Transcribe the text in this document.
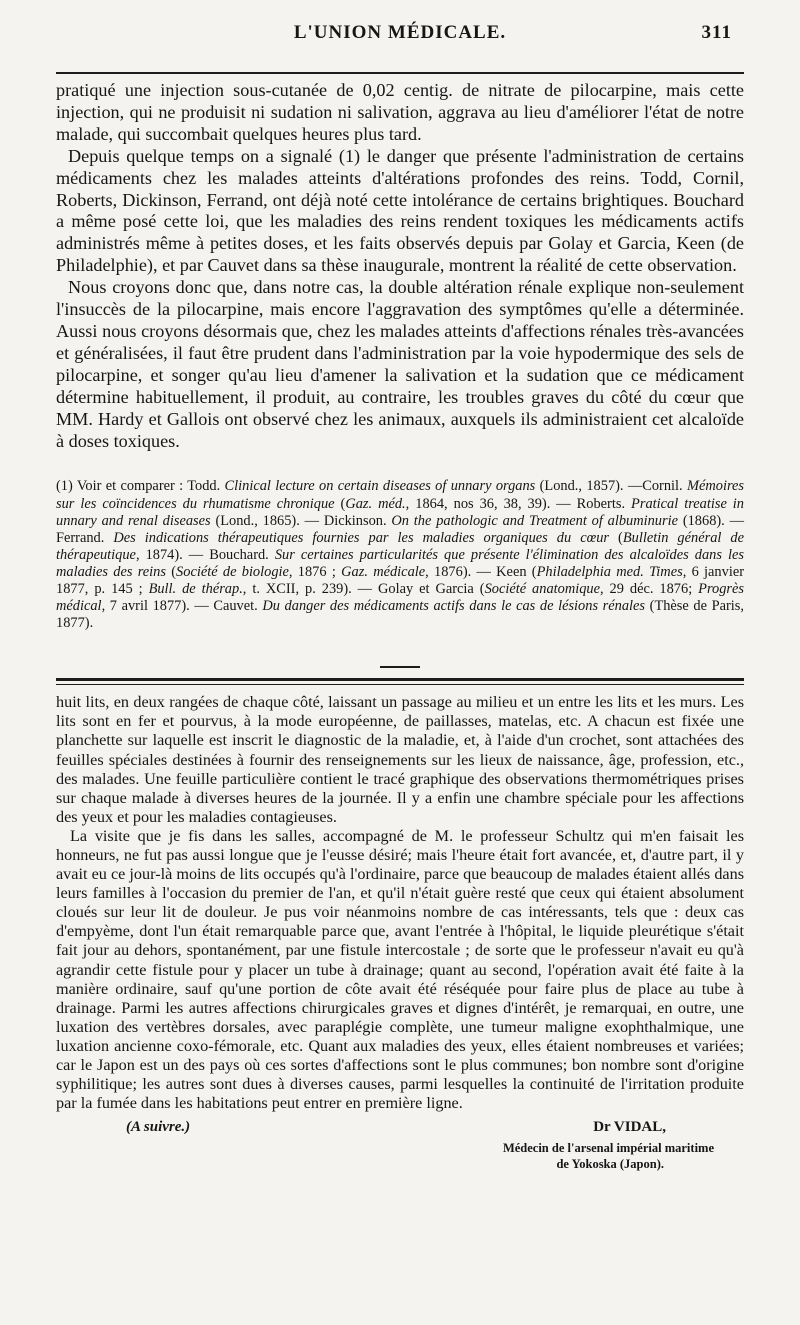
L'UNION MÉDICALE.	311

pratiqué une injection sous-cutanée de 0,02 centig. de nitrate de pilocarpine, mais cette injection, qui ne produisit ni sudation ni salivation, aggrava au lieu d'améliorer l'état de notre malade, qui succombait quelques heures plus tard.

Depuis quelque temps on a signalé (1) le danger que présente l'administration de certains médicaments chez les malades atteints d'altérations profondes des reins. Todd, Cornil, Roberts, Dickinson, Ferrand, ont déjà noté cette intolérance de certains brightiques. Bouchard a même posé cette loi, que les maladies des reins rendent toxiques les médicaments actifs administrés même à petites doses, et les faits observés depuis par Golay et Garcia, Keen (de Philadelphie), et par Cauvet dans sa thèse inaugurale, montrent la réalité de cette observation.

Nous croyons donc que, dans notre cas, la double altération rénale explique non-seulement l'insuccès de la pilocarpine, mais encore l'aggravation des symptômes qu'elle a déterminée. Aussi nous croyons désormais que, chez les malades atteints d'affections rénales très-avancées et généralisées, il faut être prudent dans l'administration par la voie hypodermique des sels de pilocarpine, et songer qu'au lieu d'amener la salivation et la sudation que ce médicament détermine habituellement, il produit, au contraire, les troubles graves du côté du cœur que MM. Hardy et Gallois ont observé chez les animaux, auxquels ils administraient cet alcaloïde à doses toxiques.

(1) Voir et comparer : Todd. Clinical lecture on certain diseases of unnary organs (Lond., 1857). —Cornil. Mémoires sur les coïncidences du rhumatisme chronique (Gaz. méd., 1864, nos 36, 38, 39). — Roberts. Pratical treatise in unnary and renal diseases (Lond., 1865). — Dickinson. On the pathologic and Treatment of albuminurie (1868). — Ferrand. Des indications thérapeutiques fournies par les maladies organiques du cœur (Bulletin général de thérapeutique, 1874). — Bouchard. Sur certaines particularités que présente l'élimination des alcaloïdes dans les maladies des reins (Société de biologie, 1876 ; Gaz. médicale, 1876). — Keen (Philadelphia med. Times, 6 janvier 1877, p. 145 ; Bull. de thérap., t. XCII, p. 239). — Golay et Garcia (Société anatomique, 29 déc. 1876; Progrès médical, 7 avril 1877). — Cauvet. Du danger des médicaments actifs dans le cas de lésions rénales (Thèse de Paris, 1877).

huit lits, en deux rangées de chaque côté, laissant un passage au milieu et un entre les lits et les murs. Les lits sont en fer et pourvus, à la mode européenne, de paillasses, matelas, etc. A chacun est fixée une planchette sur laquelle est inscrit le diagnostic de la maladie, et, à l'aide d'un crochet, sont attachées des feuilles spéciales destinées à fournir des renseignements sur les lieux de naissance, âge, profession, etc., des malades. Une feuille particulière contient le tracé graphique des observations thermométriques prises sur chaque malade à diverses heures de la journée. Il y a enfin une chambre spéciale pour les affections des yeux et pour les maladies contagieuses.

La visite que je fis dans les salles, accompagné de M. le professeur Schultz qui m'en faisait les honneurs, ne fut pas aussi longue que je l'eusse désiré; mais l'heure était fort avancée, et, d'autre part, il y avait eu ce jour-là moins de lits occupés qu'à l'ordinaire, parce que beaucoup de malades étaient allés dans leurs familles à l'occasion du premier de l'an, et qu'il n'était guère resté que ceux qui étaient absolument cloués sur leur lit de douleur. Je pus voir néanmoins nombre de cas intéressants, tels que : deux cas d'empyème, dont l'un était remarquable parce que, avant l'entrée à l'hôpital, le liquide pleurétique s'était fait jour au dehors, spontanément, par une fistule intercostale ; de sorte que le professeur n'avait eu qu'à agrandir cette fistule pour y placer un tube à drainage; quant au second, l'opération avait été faite à la manière ordinaire, sauf qu'une portion de côte avait été réséquée pour faire plus de place au tube à drainage. Parmi les autres affections chirurgicales graves et dignes d'intérêt, je remarquai, en outre, une luxation des vertèbres dorsales, avec paraplégie complète, une tumeur maligne exophthalmique, une luxation ancienne coxo-fémorale, etc. Quant aux maladies des yeux, elles étaient nombreuses et variées; car le Japon est un des pays où ces sortes d'affections sont le plus communes; bon nombre sont d'origine syphilitique; les autres sont dues à diverses causes, parmi lesquelles la continuité de l'irritation produite par la fumée dans les habitations peut entrer en première ligne.

(A suivre.)	Dr VIDAL,
Médecin de l'arsenal impérial maritime
de Yokoska (Japon).
